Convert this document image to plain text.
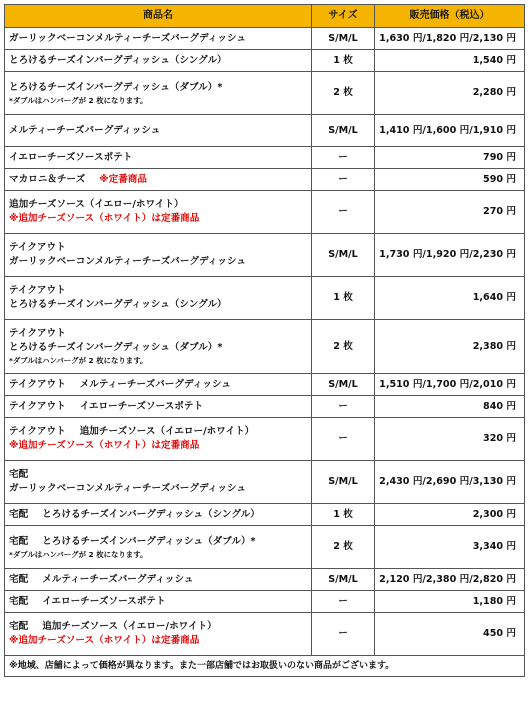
商品名	サイズ	販売価格（税込）

ガーリックベーコンメルティーチーズバーグディッシュ	S/M/L	1,630 円/1,820 円/2,130 円

とろけるチーズインバーグディッシュ（シングル）	1 枚	1,540 円

とろけるチーズインバーグディッシュ（ダブル）*
*ダブルはハンバーグが 2 枚になります。	2 枚	2,280 円

メルティーチーズバーグディッシュ	S/M/L	1,410 円/1,600 円/1,910 円

イエローチーズソースポテト	ー	790 円

マカロニ＆チーズ ※定番商品	ー	590 円

追加チーズソース（イエロー/ホワイト）
※追加チーズソース（ホワイト）は定番商品	ー	270 円

テイクアウト
ガーリックベーコンメルティーチーズバーグディッシュ	S/M/L	1,730 円/1,920 円/2,230 円

テイクアウト
とろけるチーズインバーグディッシュ（シングル）	1 枚	1,640 円

テイクアウト
とろけるチーズインバーグディッシュ（ダブル）*
*ダブルはハンバーグが 2 枚になります。	2 枚	2,380 円

テイクアウト メルティーチーズバーグディッシュ	S/M/L	1,510 円/1,700 円/2,010 円

テイクアウト イエローチーズソースポテト	ー	840 円

テイクアウト 追加チーズソース（イエロー/ホワイト）
※追加チーズソース（ホワイト）は定番商品	ー	320 円

宅配
ガーリックベーコンメルティーチーズバーグディッシュ	S/M/L	2,430 円/2,690 円/3,130 円

宅配 とろけるチーズインバーグディッシュ（シングル）	1 枚	2,300 円

宅配 とろけるチーズインバーグディッシュ（ダブル）*
*ダブルはハンバーグが 2 枚になります。	2 枚	3,340 円

宅配 メルティーチーズバーグディッシュ	S/M/L	2,120 円/2,380 円/2,820 円

宅配 イエローチーズソースポテト	ー	1,180 円

宅配 追加チーズソース（イエロー/ホワイト）
※追加チーズソース（ホワイト）は定番商品	ー	450 円
※地域、店舗によって価格が異なります。また一部店舗ではお取扱いのない商品がございます。		
